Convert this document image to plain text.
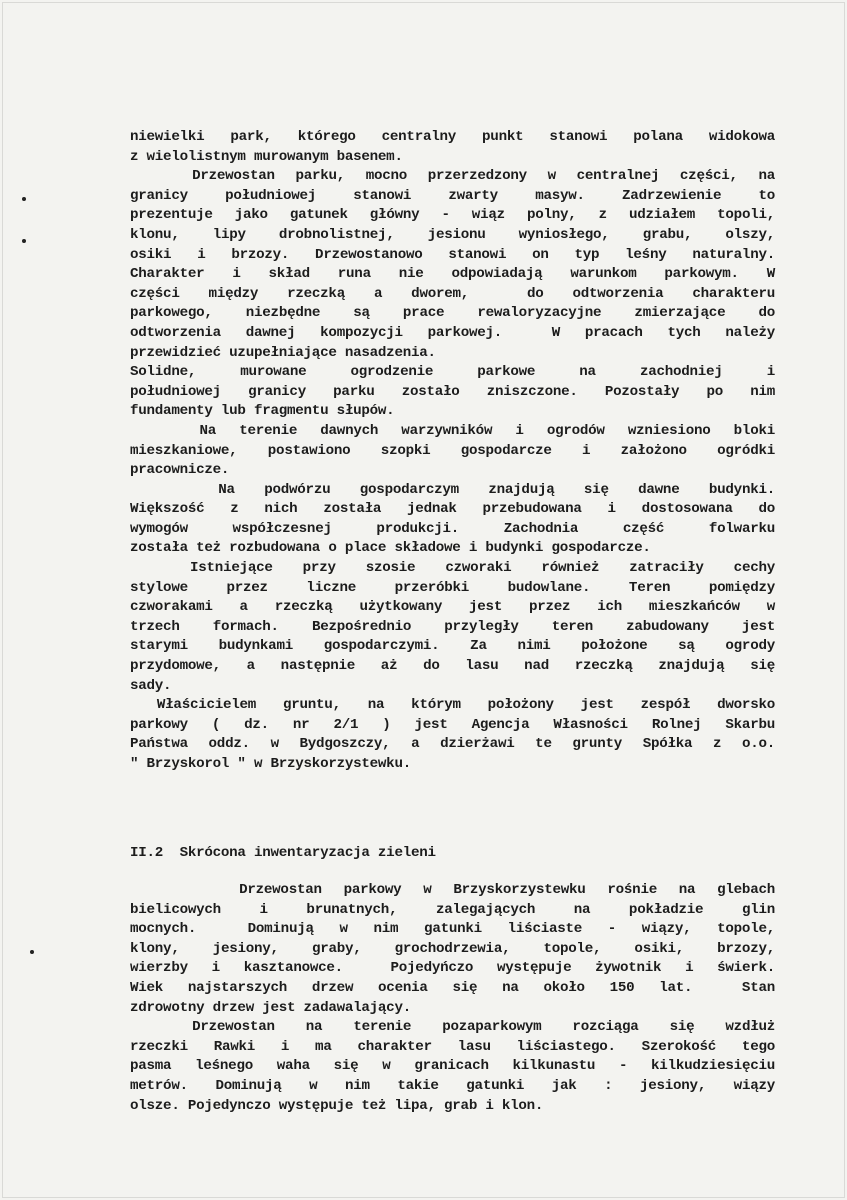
niewielki park, którego centralny punkt stanowi polana widokowa
z wielolistnym murowanym basenem.
Drzewostan parku, mocno przerzedzony w centralnej części, na
granicy południowej stanowi zwarty masyw. Zadrzewienie to
prezentuje jako gatunek główny - wiąz polny, z udziałem topoli,
klonu, lipy drobnolistnej, jesionu wyniosłego, grabu, olszy,
osiki i brzozy. Drzewostanowo stanowi on typ leśny naturalny.
Charakter i skład runa nie odpowiadają warunkom parkowym. W
części między rzeczką a dworem,  do odtworzenia charakteru
parkowego, niezbędne są prace rewaloryzacyjne zmierzające do
odtworzenia dawnej kompozycji parkowej.  W pracach tych należy
przewidzieć uzupełniające nasadzenia.
Solidne, murowane ogrodzenie parkowe na zachodniej i
południowej granicy parku zostało zniszczone. Pozostały po nim
fundamenty lub fragmentu słupów.
Na terenie dawnych warzywników i ogrodów wzniesiono bloki
mieszkaniowe, postawiono szopki gospodarcze i założono ogródki
pracownicze.
Na podwórzu gospodarczym znajdują się dawne budynki.
Większość z nich została jednak przebudowana i dostosowana do
wymogów współczesnej produkcji. Zachodnia część folwarku
została też rozbudowana o place składowe i budynki gospodarcze.
Istniejące przy szosie czworaki również zatraciły cechy
stylowe przez liczne przeróbki budowlane. Teren pomiędzy
czworakami a rzeczką użytkowany jest przez ich mieszkańców w
trzech formach. Bezpośrednio przyległy teren zabudowany jest
starymi budynkami gospodarczymi. Za nimi położone są ogrody
przydomowe, a następnie aż do lasu nad rzeczką znajdują się
sady.
Właścicielem gruntu, na którym położony jest zespół dworsko
parkowy ( dz. nr 2/1 ) jest Agencja Własności Rolnej Skarbu
Państwa oddz. w Bydgoszczy, a dzierżawi te grunty Spółka z o.o.
" Brzyskorol " w Brzyskorzystewku.
II.2  Skrócona inwentaryzacja zieleni
Drzewostan parkowy w Brzyskorzystewku rośnie na glebach
bielicowych i brunatnych, zalegających na pokładzie glin
mocnych.  Dominują w nim gatunki liściaste - wiązy, topole,
klony, jesiony, graby, grochodrzewia, topole, osiki, brzozy,
wierzby i kasztanowce.  Pojedyńczo występuje żywotnik i świerk.
Wiek najstarszych drzew ocenia się na około 150 lat.  Stan
zdrowotny drzew jest zadawalający.
Drzewostan na terenie pozaparkowym rozciąga się wzdłuż
rzeczki Rawki i ma charakter lasu liściastego. Szerokość tego
pasma leśnego waha się w granicach kilkunastu - kilkudziesięciu
metrów. Dominują w nim takie gatunki jak : jesiony, wiązy
olsze. Pojedynczo występuje też lipa, grab i klon.
